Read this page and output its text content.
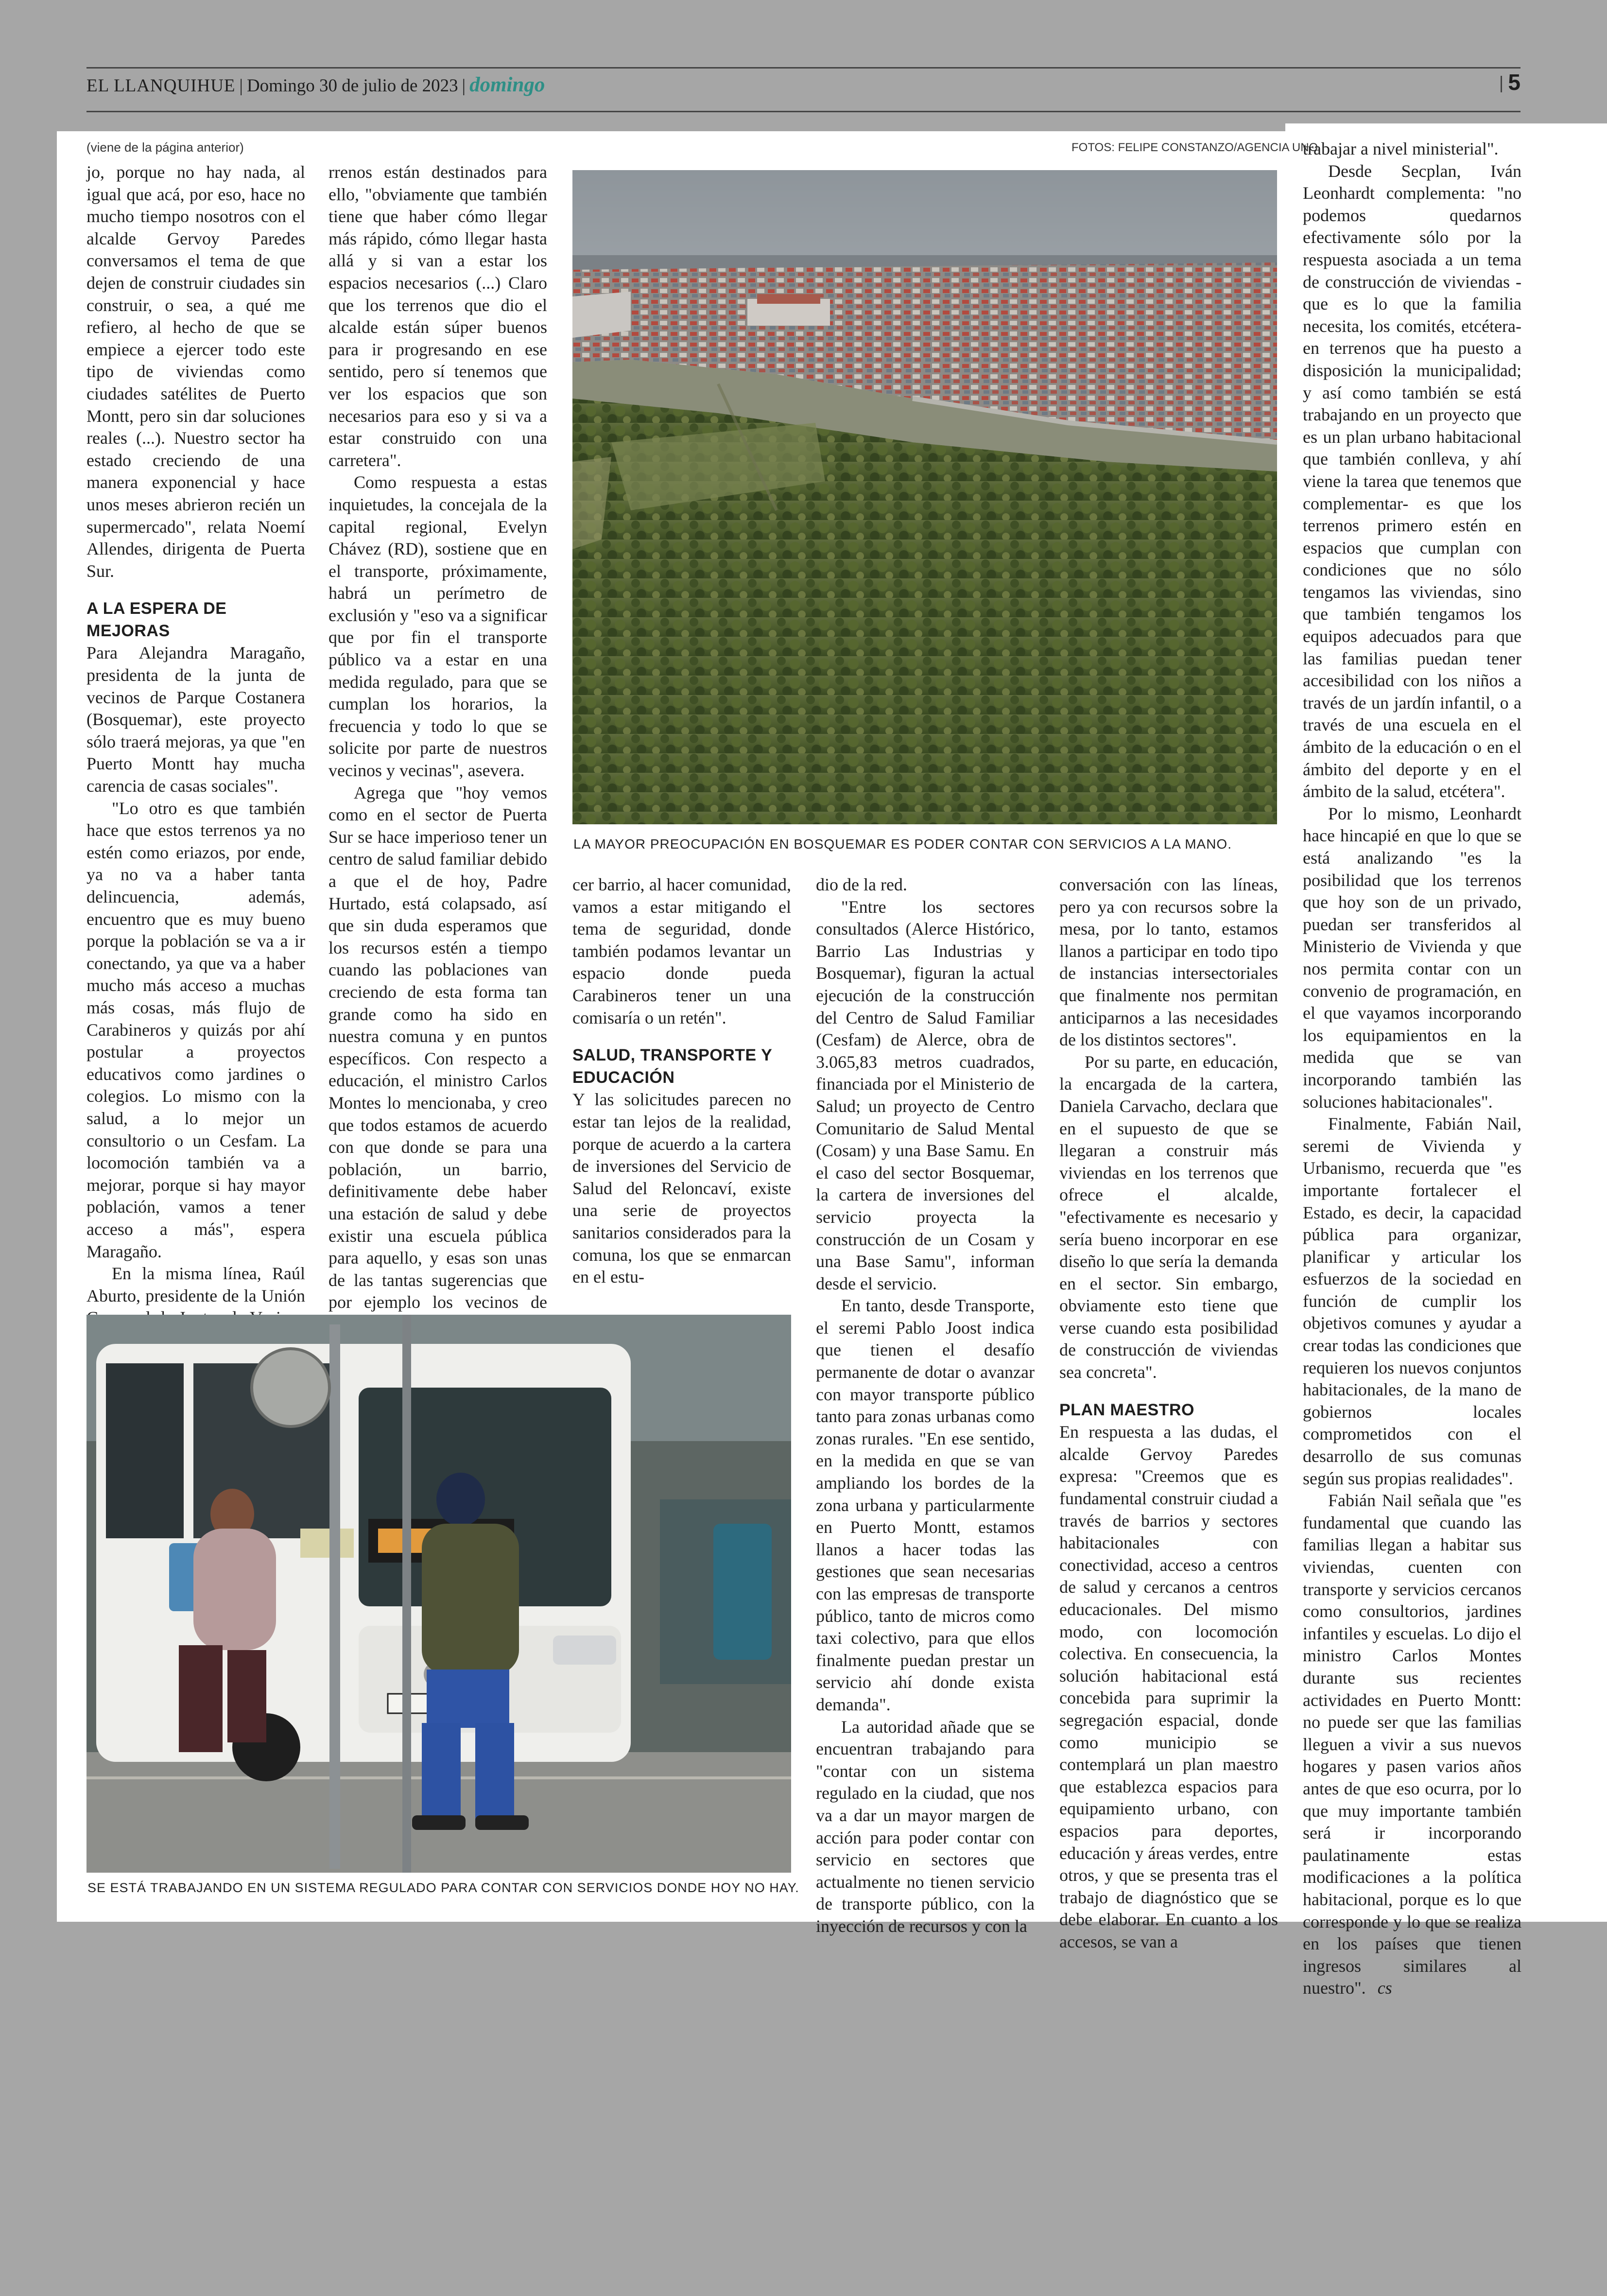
EL LLANQUIHUE | Domingo 30 de julio de 2023 | domingo	5
(viene de la página anterior)	FOTOS: FELIPE CONSTANZO/AGENCIA UNO

jo, porque no hay nada, al igual que acá, por eso, hace no mucho tiempo nosotros con el alcalde Gervoy Paredes conversamos el tema de que dejen de construir ciudades sin construir, o sea, a qué me refiero, al hecho de que se empiece a ejercer todo este tipo de viviendas como ciudades satélites de Puerto Montt, pero sin dar soluciones reales (...). Nuestro sector ha estado creciendo de una manera exponencial y hace unos meses abrieron recién un supermercado", relata Noemí Allendes, dirigenta de Puerta Sur.

A LA ESPERA DE MEJORAS

Para Alejandra Maragaño, presidenta de la junta de vecinos de Parque Costanera (Bosquemar), este proyecto sólo traerá mejoras, ya que "en Puerto Montt hay mucha carencia de casas sociales".

"Lo otro es que también hace que estos terrenos ya no estén como eriazos, por ende, ya no va a haber tanta delincuencia, además, encuentro que es muy bueno porque la población se va a ir conectando, ya que va a haber mucho más acceso a muchas más cosas, más flujo de Carabineros y quizás por ahí postular a proyectos educativos como jardines o colegios. Lo mismo con la salud, a lo mejor un consultorio o un Cesfam. La locomoción también va a mejorar, porque si hay mayor población, vamos a tener acceso a más", espera Maragaño.

En la misma línea, Raúl Aburto, presidente de la Unión

rrenos están destinados para ello, "obviamente que también tiene que haber cómo llegar más rápido, cómo llegar hasta allá y si van a estar los espacios necesarios (...) Claro que los terrenos que dio el alcalde están súper buenos para ir progresando en ese sentido, pero sí tenemos que ver los espacios que son necesarios para eso y si va a estar construido con una carretera".

Como respuesta a estas inquietudes, la concejala de la capital regional, Evelyn Chávez (RD), sostiene que en el transporte, próximamente, habrá un perímetro de exclusión y "eso va a significar que por fin el transporte público va a estar en una medida regulado, para que se cumplan los horarios, la frecuencia y todo lo que se solicite por parte de nuestros vecinos y vecinas", asevera.

Agrega que "hoy vemos como en el sector de Puerta Sur se hace imperioso tener un centro de salud familiar debido a que el de hoy, Padre Hurtado, está colapsado, así que sin duda esperamos que los recursos estén a tiempo cuando las poblaciones van creciendo de esta forma tan grande como ha sido en nuestra comuna y en puntos específicos. Con respecto a educación, el ministro Carlos Montes lo mencionaba, y creo que todos estamos de acuerdo con que donde se para una población, un barrio, definitivamente debe haber una estación de salud y debe existir una escuela pública para aquello, y esas son unas de las tantas sugerencias que por ejemplo los vecinos de

cer barrio, al hacer comunidad, vamos a estar mitigando el tema de seguridad, donde también podamos levantar un espacio donde pueda Carabineros tener un una comisaría o un retén".

SALUD, TRANSPORTE Y EDUCACIÓN

Y las solicitudes parecen no estar tan lejos de la realidad, porque de acuerdo a la cartera de inversiones del Servicio de Salud del Reloncaví, existe una serie de proyectos sanitarios considerados para la comuna, los que se enmarcan en el estu-

dio de la red.

"Entre los sectores consultados (Alerce Histórico, Barrio Las Industrias y Bosquemar), figuran la actual ejecución de la construcción del Centro de Salud Familiar (Cesfam) de Alerce, obra de 3.065,83 metros cuadrados, financiada por el Ministerio de Salud; un proyecto de Centro Comunitario de Salud Mental (Cosam) y una Base Samu. En el caso del sector Bosquemar, la cartera de inversiones del servicio proyecta la construcción de un Cosam y una Base Samu", informan desde el servicio.

En tanto, desde Transporte, el seremi Pablo Joost indica que tienen el desafío permanente de dotar o avanzar con mayor transporte público tanto para zonas urbanas como zonas rurales. "En ese sentido, en la medida en que se van ampliando los bordes de la zona urbana y particularmente en Puerto Montt, estamos llanos a hacer todas las gestiones que sean necesarias con las empresas de transporte público, tanto de micros como taxi colectivo, para que ellos finalmente puedan prestar un servicio ahí donde exista demanda".

La autoridad añade que se encuentran trabajando para "contar con un sistema regulado en la ciudad, que nos va a dar un mayor margen de acción para poder contar con servicio en sectores que actualmente no tienen servicio de transporte público, con la inyección de recursos y con la

conversación con las líneas, pero ya con recursos sobre la mesa, por lo tanto, estamos llanos a participar en todo tipo de instancias intersectoriales que finalmente nos permitan anticiparnos a las necesidades de los distintos sectores".

Por su parte, en educación, la encargada de la cartera, Daniela Carvacho, declara que en el supuesto de que se llegaran a construir más viviendas en los terrenos que ofrece el alcalde, "efectivamente es necesario y sería bueno incorporar en ese diseño lo que sería la demanda en el sector. Sin embargo, obviamente esto tiene que verse cuando esta posibilidad de construcción de viviendas sea concreta".

PLAN MAESTRO

En respuesta a las dudas, el alcalde Gervoy Paredes expresa: "Creemos que es fundamental construir ciudad a través de barrios y sectores habitacionales con conectividad, acceso a centros de salud y cercanos a centros educacionales. Del mismo modo, con locomoción colectiva. En consecuencia, la solución habitacional está concebida para suprimir la segregación espacial, donde como municipio se contemplará un plan maestro que establezca espacios para equipamiento urbano, con espacios para deportes, educación y áreas verdes, entre otros, y que se presenta tras el trabajo de diagnóstico que se debe elaborar. En cuanto a los accesos, se van a

trabajar a nivel ministerial".

Desde Secplan, Iván Leonhardt complementa: "no podemos quedarnos efectivamente sólo por la respuesta asociada a un tema de construcción de viviendas -que es lo que la familia necesita, los comités, etcétera- en terrenos que ha puesto a disposición la municipalidad; y así como también se está trabajando en un proyecto que es un plan urbano habitacional que también conlleva, y ahí viene la tarea que tenemos que complementar- es que los terrenos primero estén en espacios que cumplan con condiciones que no sólo tengamos las viviendas, sino que también tengamos los equipos adecuados para que las familias puedan tener accesibilidad con los niños a través de un jardín infantil, o a través de una escuela en el ámbito de la educación o en el ámbito del deporte y en el ámbito de la salud, etcétera".

Por lo mismo, Leonhardt hace hincapié en que lo que se está analizando "es la posibilidad que los terrenos que hoy son de un privado, puedan ser transferidos al Ministerio de Vivienda y que nos permita contar con un convenio de programación, en el que vayamos incorporando los equipamientos en la medida que se van incorporando también las soluciones habitacionales".

Finalmente, Fabián Nail, seremi de Vivienda y Urbanismo, recuerda que "es importante fortalecer el Estado, es decir, la capacidad pública para organizar, planificar y articular los esfuerzos de la sociedad en función de cumplir los objetivos comunes y ayudar a crear todas las condiciones que requieren los nuevos conjuntos habitacionales, de la mano de gobiernos locales comprometidos con el desarrollo de sus comunas según sus propias realidades".

Fabián Nail señala que "es fundamental que cuando las familias llegan a habitar sus viviendas, cuenten con transporte y servicios cercanos como consultorios, jardines infantiles y escuelas. Lo dijo el ministro Carlos Montes durante sus recientes actividades en Puerto Montt: no puede ser que las familias lleguen a vivir a sus nuevos hogares y pasen varios años antes de que eso ocurra, por lo que muy importante también será ir incorporando paulatinamente estas modificaciones a la política habitacional, porque es lo que corresponde y lo que se realiza en los países que tienen ingresos similares al nuestro". cs

LA MAYOR PREOCUPACIÓN EN BOSQUEMAR ES PODER CONTAR CON SERVICIOS A LA MANO.
SE ESTÁ TRABAJANDO EN UN SISTEMA REGULADO PARA CONTAR CON SERVICIOS DONDE HOY NO HAY.
